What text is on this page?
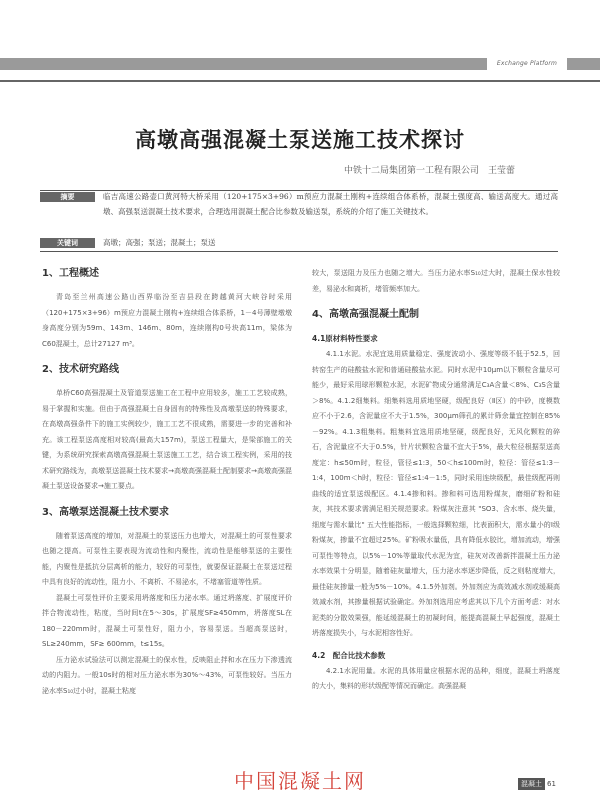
Exchange Platform
高墩高强混凝土泵送施工技术探讨
中铁十二局集团第一工程有限公司　王莹蕾
摘要	临吉高速公路壶口黄河特大桥采用（120+175×3+96）m预应力混凝土刚构+连续组合体系桥，混凝土强度高、输送高度大。通过高墩、高强泵送混凝土技术要求，合理选用混凝土配合比参数及输送泵，系统的介绍了施工关键技术。
关键词	高墩；高强；泵送；混凝土；泵送
1、工程概述

青岛至兰州高速公路山西界临汾至吉县段在跨越黄河大峡谷时采用（120+175×3+96）m预应力混凝土刚构+连续组合体系桥，1－4号薄壁墩墩身高度分别为59m、143m、146m、80m，连续刚构0号块高11m，梁体为C60混凝土，总计27127 m³。

2、技术研究路线

单桥C60高强混凝土及管道泵送施工在工程中应用较多，施工工艺较成熟，易于掌握和实施。但由于高强混凝土自身固有的特殊性及高墩泵送的特殊要求，在高墩高强条件下的施工实例较少，施工工艺不很成熟，需要进一步的完善和补充。该工程泵送高度相对较高(最高大157m)，泵送工程量大，是梁部施工的关键，为系统研究探索高墩高强混凝土泵送施工工艺，结合该工程实例，采用的技术研究路线为，高墩泵送混凝土技术要求→高墩高强混凝土配制要求→高墩高强混凝土泵送设备要求→施工要点。

3、高墩泵送混凝土技术要求

随着泵送高度的增加，对混凝土的泵送压力也增大，对混凝土的可泵性要求也随之提高。可泵性主要表现为流动性和内聚性，流动性是能够泵送的主要性能，内聚性是抵抗分层离析的能力，较好的可泵性，就要保证混凝土在泵送过程中具有良好的流动性，阻力小、不离析、不易泌水，不堵塞管道等性质。

混凝土可泵性评价主要采用坍落度和压力泌水率。通过坍落度、扩展度评价拌合物流动性，粘度，当时间t在5～30s，扩展度SF≥450mm，坍落度SL在180－220mm时，混凝土可泵性好，阻力小，容易泵送。当超高泵送时，SL≥240mm，SF≥ 600mm，t≤15s。

压力泌水试验法可以测定混凝土的保水性，反映阻止拌和水在压力下渗透流动的内阻力。一般10s时的相对压力泌水率为30%～43%，可泵性较好。当压力泌水率S₁₀过小时，混凝土粘度

较大，泵送阻力及压力也随之增大。当压力泌水率S₁₀过大时，混凝土保水性较差，易泌水和离析，堵管频率加大。

4、高墩高强混凝土配制
4.1原材料特性要求

4.1.1水泥。水泥宜选用质量稳定、强度波动小、强度等级不低于52.5，回转窑生产的硅酸盐水泥和普通硅酸盐水泥。同时水泥中10μm以下颗粒含量尽可能少，最好采用球形颗粒水泥，水泥矿物成分通常满足C₃A含量＜8%、C₃S含量＞8%。4.1.2细集料。细集料选用质地坚硬，级配良好（Ⅱ区）的中砂，度模数应不小于2.6，含泥量应不大于1.5%，300μm筛孔的累计筛余量宜控制在85%－92%。4.1.3粗集料。粗集料宜选用质地坚硬，级配良好，无风化颗粒的碎石，含泥量应不大于0.5%，针片状颗粒含量不宜大于5%，最大粒径根据泵送高度定：h≤50m时，粒径，管径≤1:3，50＜h≤100m时，粒径：管径≤1:3－1:4，100m＜h时，粒径：管径≤1:4－1:5，同时采用连续级配，最佳级配再则曲线的适宜泵送级配区。4.1.4掺和料。掺和料可选用粉煤灰，磨细矿粉和硅灰，其技术要求需满足相关规范要求。粉煤灰注意其 "SO3、含水率、烧失量，细度与需水量比" 五大性能指标，一般选择颗粒细，比表面积大，需水量小的Ⅰ级粉煤灰，掺量不宜超过25%。矿粉吸水量低，具有降低水胶比，增加流动，增强可泵性等特点，以5%－10%等量取代水泥为宜，硅灰对改善新拌混凝土压力泌水率效果十分明显，随着硅灰量增大，压力泌水率逐步降低，反之则粘度增大，最佳硅灰掺量一般为5%－10%。4.1.5外加剂。外加剂应为高效减水剂或缓凝高效减水剂，其掺量根据试验确定。外加剂选用应考虑其以下几个方面考虑：对水泥类的分散效果强，能延缓混凝土的初凝时间，能提高混凝土早起强度，混凝土坍落度损失小，与水泥相容性好。

4.2　配合比技术参数

4.2.1水泥用量。水泥的具体用量应根据水泥的品种，细度，混凝土坍落度的大小，集料的形状级配等情况而确定。高强混凝

中国混凝土网	混凝土 61
